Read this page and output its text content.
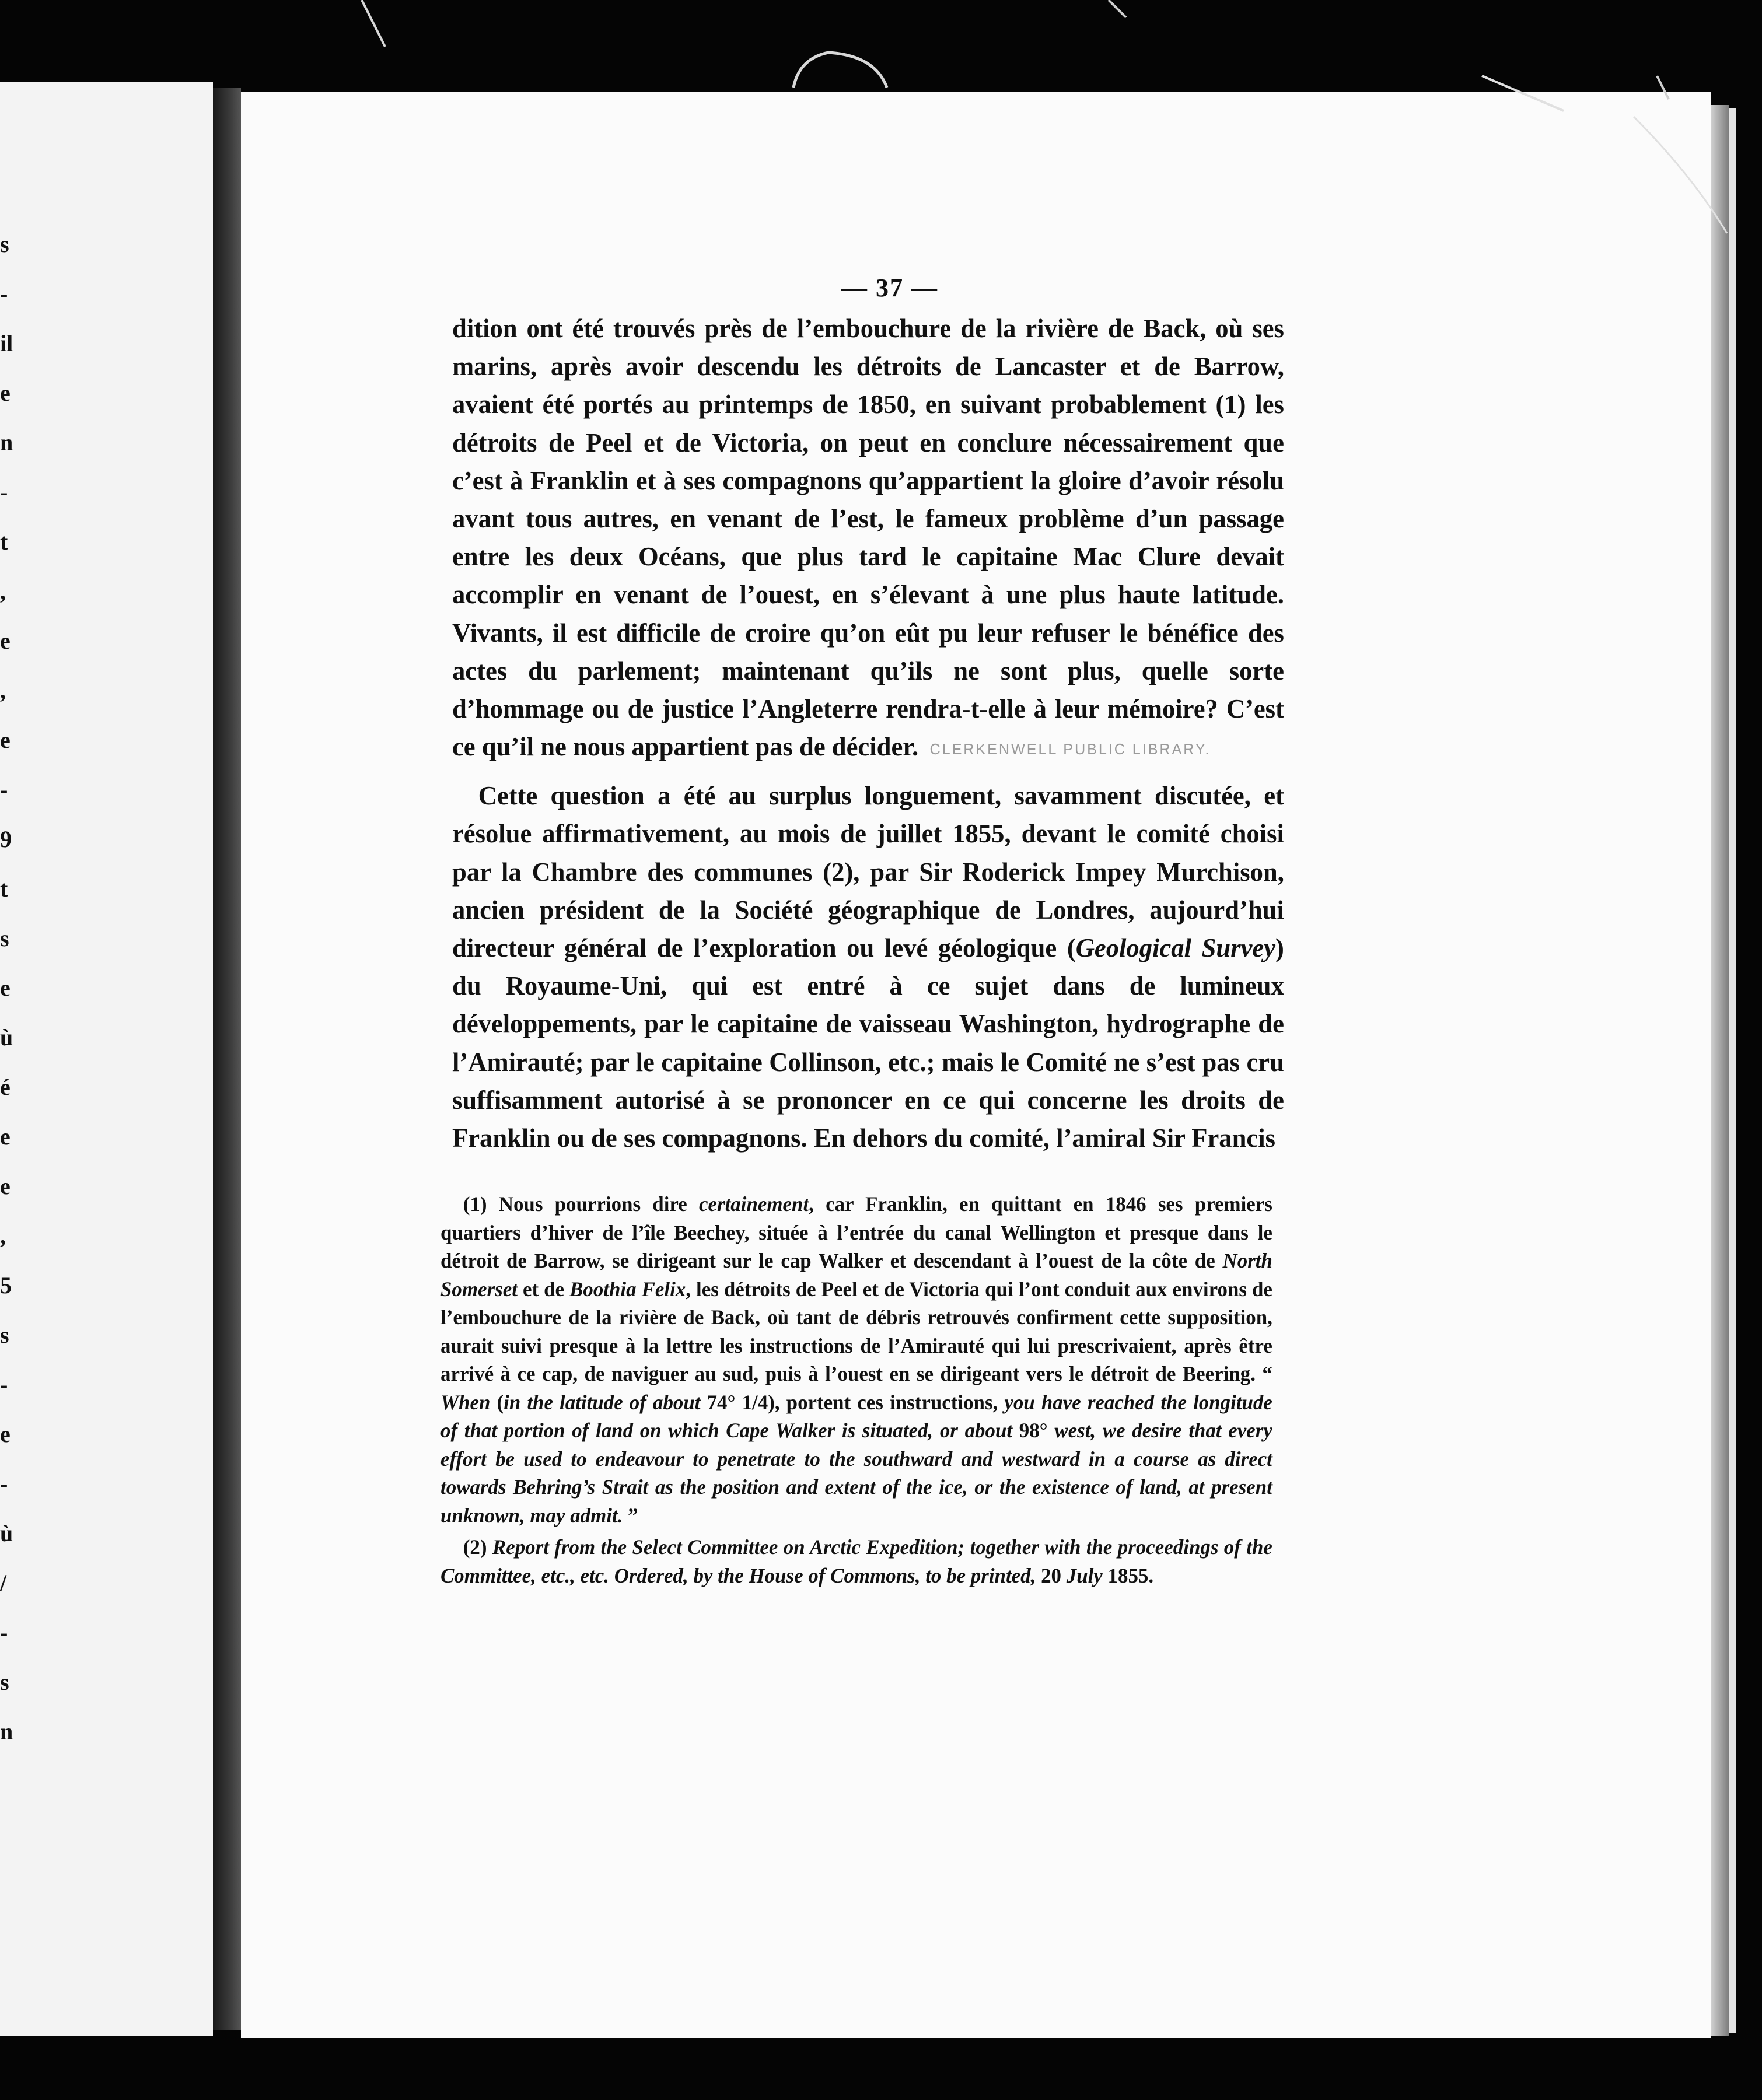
s
-
il
e
n
-
t
,
e
,
e
-
9
t
s
e
ù
é
e
e
,
5
s
-
e
-
ù
/
-
s
n
— 37 —

dition ont été trouvés près de l’embouchure de la rivière de Back, où ses marins, après avoir descendu les détroits de Lancaster et de Barrow, avaient été portés au printemps de 1850, en suivant probablement (1) les détroits de Peel et de Victoria, on peut en conclure nécessairement que c’est à Franklin et à ses compagnons qu’appartient la gloire d’avoir résolu avant tous autres, en venant de l’est, le fameux problème d’un passage entre les deux Océans, que plus tard le capitaine Mac Clure devait accomplir en venant de l’ouest, en s’élevant à une plus haute latitude. Vivants, il est difficile de croire qu’on eût pu leur refuser le bénéfice des actes du parlement; maintenant qu’ils ne sont plus, quelle sorte d’hommage ou de justice l’Angleterre rendra-t-elle à leur mémoire? C’est ce qu’il ne nous appartient pas de décider. CLERKENWELL PUBLIC LIBRARY.

 Cette question a été au surplus longuement, savamment discutée, et résolue affirmativement, au mois de juillet 1855, devant le comité choisi par la Chambre des communes (2), par Sir Roderick Impey Murchison, ancien président de la Société géographique de Londres, aujourd’hui directeur général de l’exploration ou levé géologique (Geological Survey) du Royaume-Uni, qui est entré à ce sujet dans de lumineux développements, par le capitaine de vaisseau Washington, hydrographe de l’Amirauté; par le capitaine Collinson, etc.; mais le Comité ne s’est pas cru suffisamment autorisé à se prononcer en ce qui concerne les droits de Franklin ou de ses compagnons. En dehors du comité, l’amiral Sir Francis

(1) Nous pourrions dire certainement, car Franklin, en quittant en 1846 ses premiers quartiers d’hiver de l’île Beechey, située à l’entrée du canal Wellington et presque dans le détroit de Barrow, se dirigeant sur le cap Walker et descendant à l’ouest de la côte de North Somerset et de Boothia Felix, les détroits de Peel et de Victoria qui l’ont conduit aux environs de l’embouchure de la rivière de Back, où tant de débris retrouvés confirment cette supposition, aurait suivi presque à la lettre les instructions de l’Amirauté qui lui prescrivaient, après être arrivé à ce cap, de naviguer au sud, puis à l’ouest en se dirigeant vers le détroit de Beering. “ When (in the latitude of about 74° 1/4), portent ces instructions, you have reached the longitude of that portion of land on which Cape Walker is situated, or about 98° west, we desire that every effort be used to endeavour to penetrate to the southward and westward in a course as direct towards Behring’s Strait as the position and extent of the ice, or the existence of land, at present unknown, may admit. ”

(2) Report from the Select Committee on Arctic Expedition; together with the proceedings of the Committee, etc., etc. Ordered, by the House of Commons, to be printed, 20 July 1855.
